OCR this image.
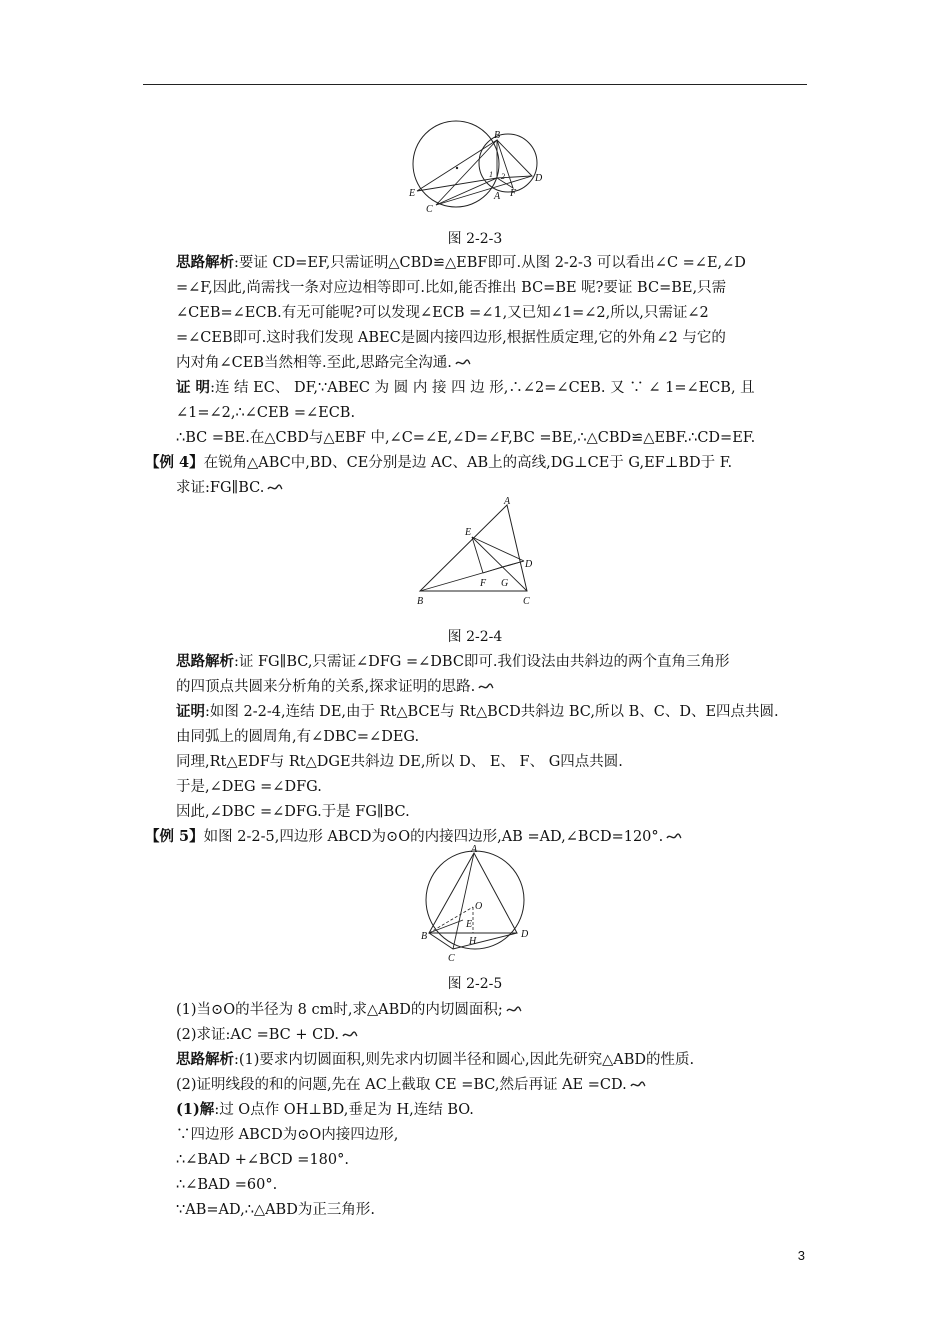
B
E
C
A F
D
1 2
图 2-2-3
A
E
D
F G
B	C
图 2-2-4
A
O
E
H
B
C
D
图 2-2-5
思路解析:要证 CD=EF,只需证明△CBD≌△EBF即可.从图 2-2-3 可以看出∠C =∠E,∠D
=∠F,因此,尚需找一条对应边相等即可.比如,能否推出 BC=BE 呢?要证 BC=BE,只需
∠CEB=∠ECB.有无可能呢?可以发现∠ECB =∠1,又已知∠1=∠2,所以,只需证∠2
=∠CEB即可.这时我们发现 ABEC是圆内接四边形,根据性质定理,它的外角∠2 与它的
内对角∠CEB当然相等.至此,思路完全沟通.
证 明:连 结 EC、 DF,∵ABEC 为 圆 内 接 四 边 形,∴∠2=∠CEB. 又 ∵ ∠ 1=∠ECB, 且
∠1=∠2,∴∠CEB =∠ECB.
∴BC =BE.在△CBD与△EBF 中,∠C=∠E,∠D=∠F,BC =BE,∴△CBD≌△EBF.∴CD=EF.
【例 4】在锐角△ABC中,BD、CE分别是边 AC、AB上的高线,DG⊥CE于 G,EF⊥BD于 F.
求证:FG∥BC.
思路解析:证 FG∥BC,只需证∠DFG =∠DBC即可.我们设法由共斜边的两个直角三角形
的四顶点共圆来分析角的关系,探求证明的思路.
证明:如图 2-2-4,连结 DE,由于 Rt△BCE与 Rt△BCD共斜边 BC,所以 B、C、D、E四点共圆.
由同弧上的圆周角,有∠DBC=∠DEG.
同理,Rt△EDF与 Rt△DGE共斜边 DE,所以 D、 E、 F、 G四点共圆.
于是,∠DEG =∠DFG.
因此,∠DBC =∠DFG.于是 FG∥BC.
【例 5】如图 2-2-5,四边形 ABCD为⊙O的内接四边形,AB =AD,∠BCD=120°.
(1)当⊙O的半径为 8 cm时,求△ABD的内切圆面积;
(2)求证:AC =BC + CD.
思路解析:(1)要求内切圆面积,则先求内切圆半径和圆心,因此先研究△ABD的性质.
(2)证明线段的和的问题,先在 AC上截取 CE =BC,然后再证 AE =CD.
(1)解:过 O点作 OH⊥BD,垂足为 H,连结 BO.
∵四边形 ABCD为⊙O内接四边形,
∴∠BAD +∠BCD =180°.
∴∠BAD =60°.
∵AB=AD,∴△ABD为正三角形.
3
